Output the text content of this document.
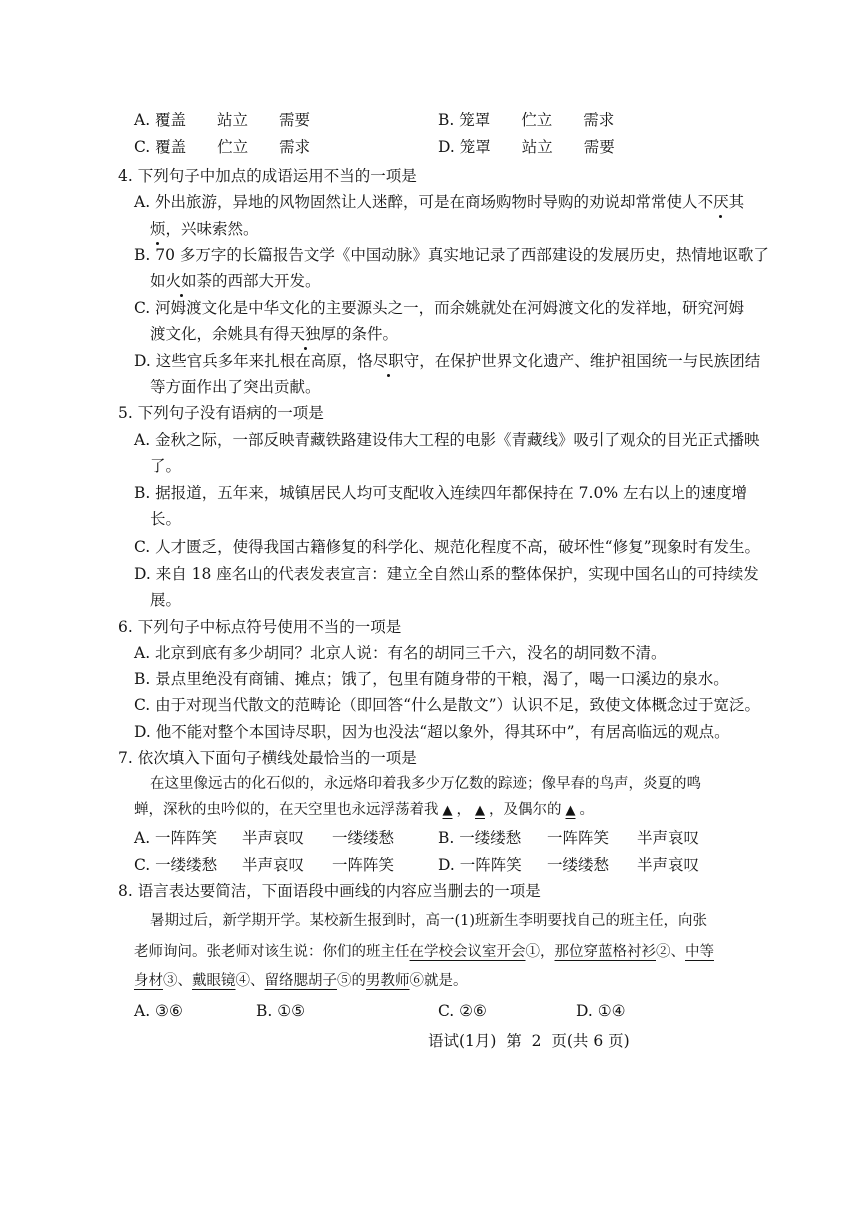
A. 覆盖　　站立　　需要	B. 笼罩　　伫立　　需求
C. 覆盖　　伫立　　需求	D. 笼罩　　站立　　需要
4. 下列句子中加点的成语运用不当的一项是
A. 外出旅游，异地的风物固然让人迷醉，可是在商场购物时导购的劝说却常常使人不厌其
烦，兴味索然。
B. 70 多万字的长篇报告文学《中国动脉》真实地记录了西部建设的发展历史，热情地讴歌了
如火如荼的西部大开发。
C. 河姆渡文化是中华文化的主要源头之一，而余姚就处在河姆渡文化的发祥地，研究河姆
渡文化，余姚具有得天独厚的条件。
D. 这些官兵多年来扎根在高原，恪尽职守，在保护世界文化遗产、维护祖国统一与民族团结
等方面作出了突出贡献。
5. 下列句子没有语病的一项是
A. 金秋之际，一部反映青藏铁路建设伟大工程的电影《青藏线》吸引了观众的目光正式播映
了。
B. 据报道，五年来，城镇居民人均可支配收入连续四年都保持在 7.0% 左右以上的速度增
长。
C. 人才匮乏，使得我国古籍修复的科学化、规范化程度不高，破坏性“修复”现象时有发生。
D. 来自 18 座名山的代表发表宣言：建立全自然山系的整体保护，实现中国名山的可持续发
展。
6. 下列句子中标点符号使用不当的一项是
A. 北京到底有多少胡同？北京人说：有名的胡同三千六，没名的胡同数不清。
B. 景点里绝没有商铺、摊点；饿了，包里有随身带的干粮，渴了，喝一口溪边的泉水。
C. 由于对现当代散文的范畴论（即回答“什么是散文”）认识不足，致使文体概念过于宽泛。
D. 他不能对整个本国诗尽职，因为也没法“超以象外，得其环中”，有居高临远的观点。
7. 依次填入下面句子横线处最恰当的一项是
在这里像远古的化石似的，永远烙印着我多少万亿数的踪迹；像早春的鸟声，炎夏的鸣
蝉，深秋的虫吟似的，在天空里也永远浮荡着我 ▲ ， ▲ ，及偶尔的 ▲ 。
A. 一阵阵笑 半声哀叹 一缕缕愁	B. 一缕缕愁 一阵阵笑 半声哀叹
C. 一缕缕愁 半声哀叹 一阵阵笑	D. 一阵阵笑 一缕缕愁 半声哀叹
8. 语言表达要简洁，下面语段中画线的内容应当删去的一项是
暑期过后，新学期开学。某校新生报到时，高一(1)班新生李明要找自己的班主任，向张
老师询问。张老师对该生说：你们的班主任在学校会议室开会①，那位穿蓝格衬衫②、中等
身材③、戴眼镜④、留络腮胡子⑤的男教师⑥就是。
A. ③⑥	B. ①⑤	C. ②⑥	D. ①④
语试(1月)  第  2  页(共 6 页)
